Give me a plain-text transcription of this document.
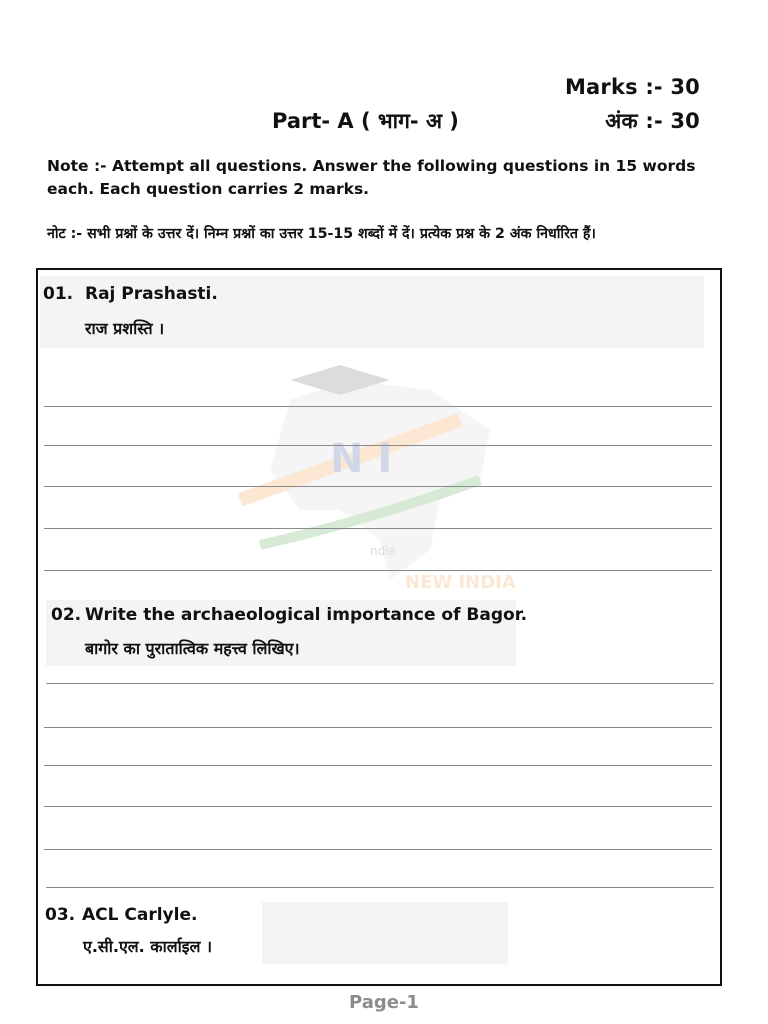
Marks :- 30
अंक :- 30
Part- A ( भाग- अ )
Note :- Attempt all questions. Answer the following questions in 15 words each. Each question carries 2 marks.
नोट :- सभी प्रश्नों के उत्तर दें। निम्न प्रश्नों का उत्तर 15-15 शब्दों में दें। प्रत्येक प्रश्न के 2 अंक निर्धारित हैं।
N I
ndia
NEW INDIA
01. Raj Prashasti.
राज प्रशस्ति ।
02. Write the archaeological importance of Bagor.
बागोर का पुरातात्विक महत्त्व लिखिए।
03. ACL Carlyle.
ए.सी.एल. कार्लाइल ।
Page-1
